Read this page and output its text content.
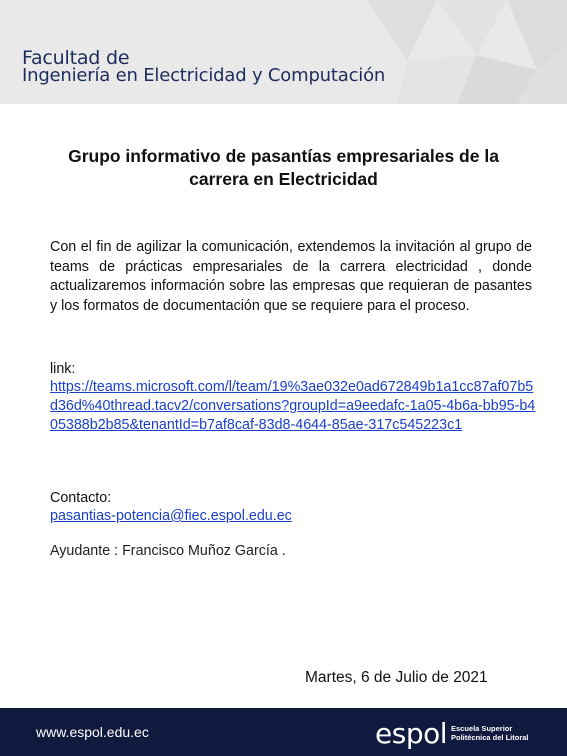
Facultad de
Ingeniería en Electricidad y Computación
Grupo informativo de pasantías empresariales de la carrera en Electricidad
Con el fin de agilizar la comunicación, extendemos la invitación al grupo de teams de prácticas empresariales de la carrera electricidad , donde actualizaremos información sobre las empresas que requieran de pasantes y los formatos de documentación que se requiere para el proceso.
link:
https://teams.microsoft.com/l/team/19%3ae032e0ad672849b1a1cc87af07b5d36d%40thread.tacv2/conversations?groupId=a9eedafc-1a05-4b6a-bb95-b405388b2b85&tenantId=b7af8caf-83d8-4644-85ae-317c545223c1
Contacto:
pasantias-potencia@fiec.espol.edu.ec
Ayudante : Francisco Muñoz García .
Martes, 6 de Julio de 2021
www.espol.edu.ec	espol Escuela Superior
Politécnica del Litoral
